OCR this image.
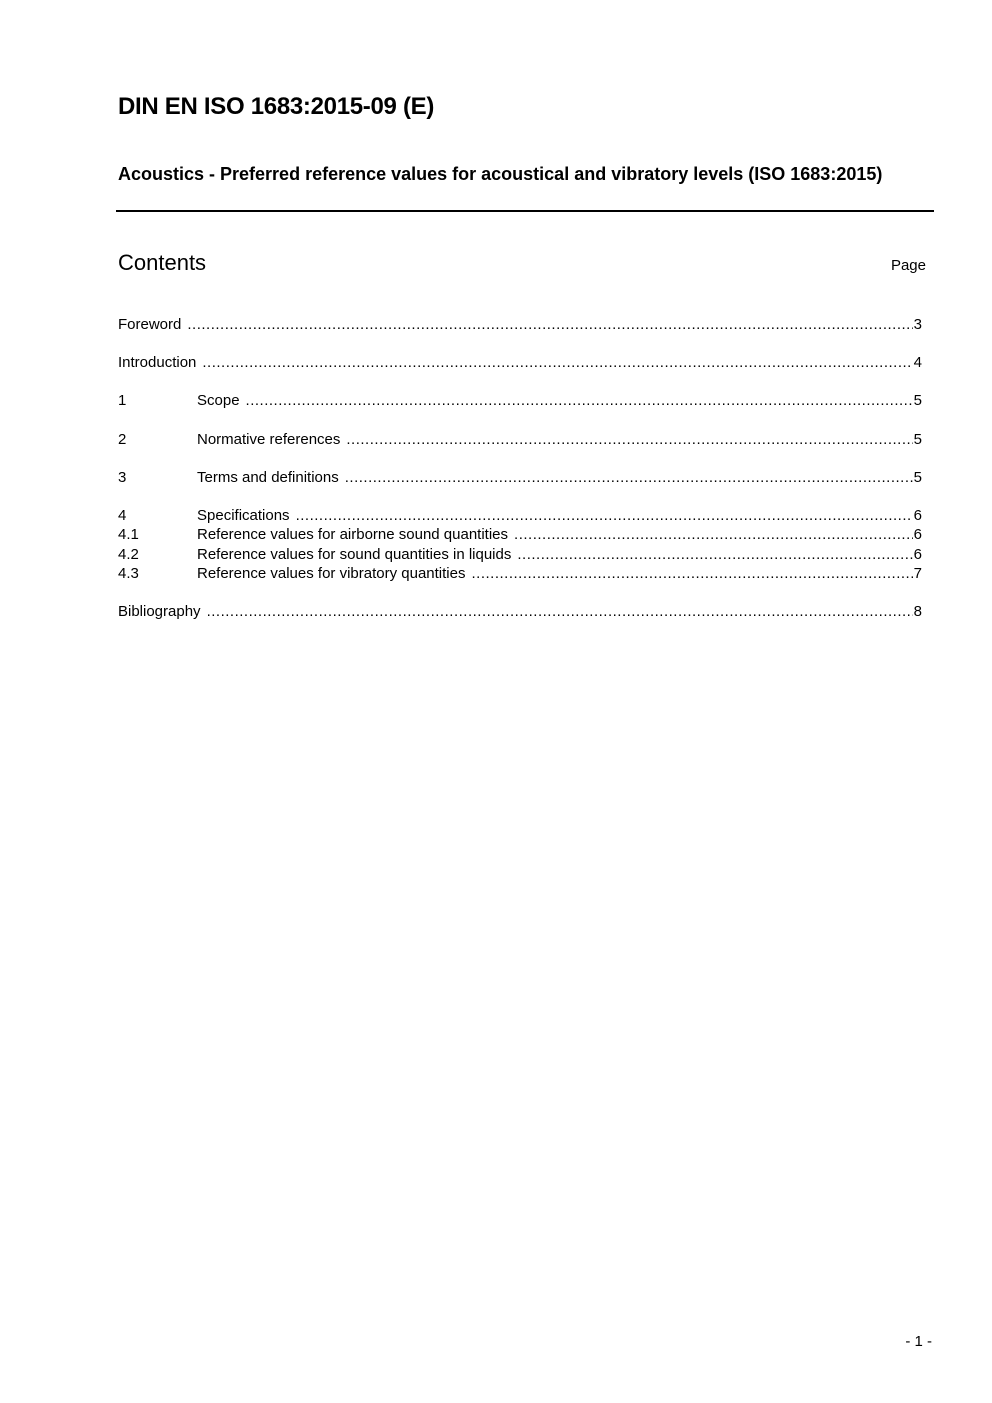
DIN EN ISO 1683:2015-09 (E)
Acoustics - Preferred reference values for acoustical and vibratory levels (ISO 1683:2015)
Contents	Page
Foreword .....	3
Introduction .....	4
1	Scope .....	5
2	Normative references .....	5
3	Terms and definitions .....	5
4	Specifications .....	6
4.1	Reference values for airborne sound quantities .....	6
4.2	Reference values for sound quantities in liquids .....	6
4.3	Reference values for vibratory quantities .....	7
Bibliography .....	8
- 1 -
